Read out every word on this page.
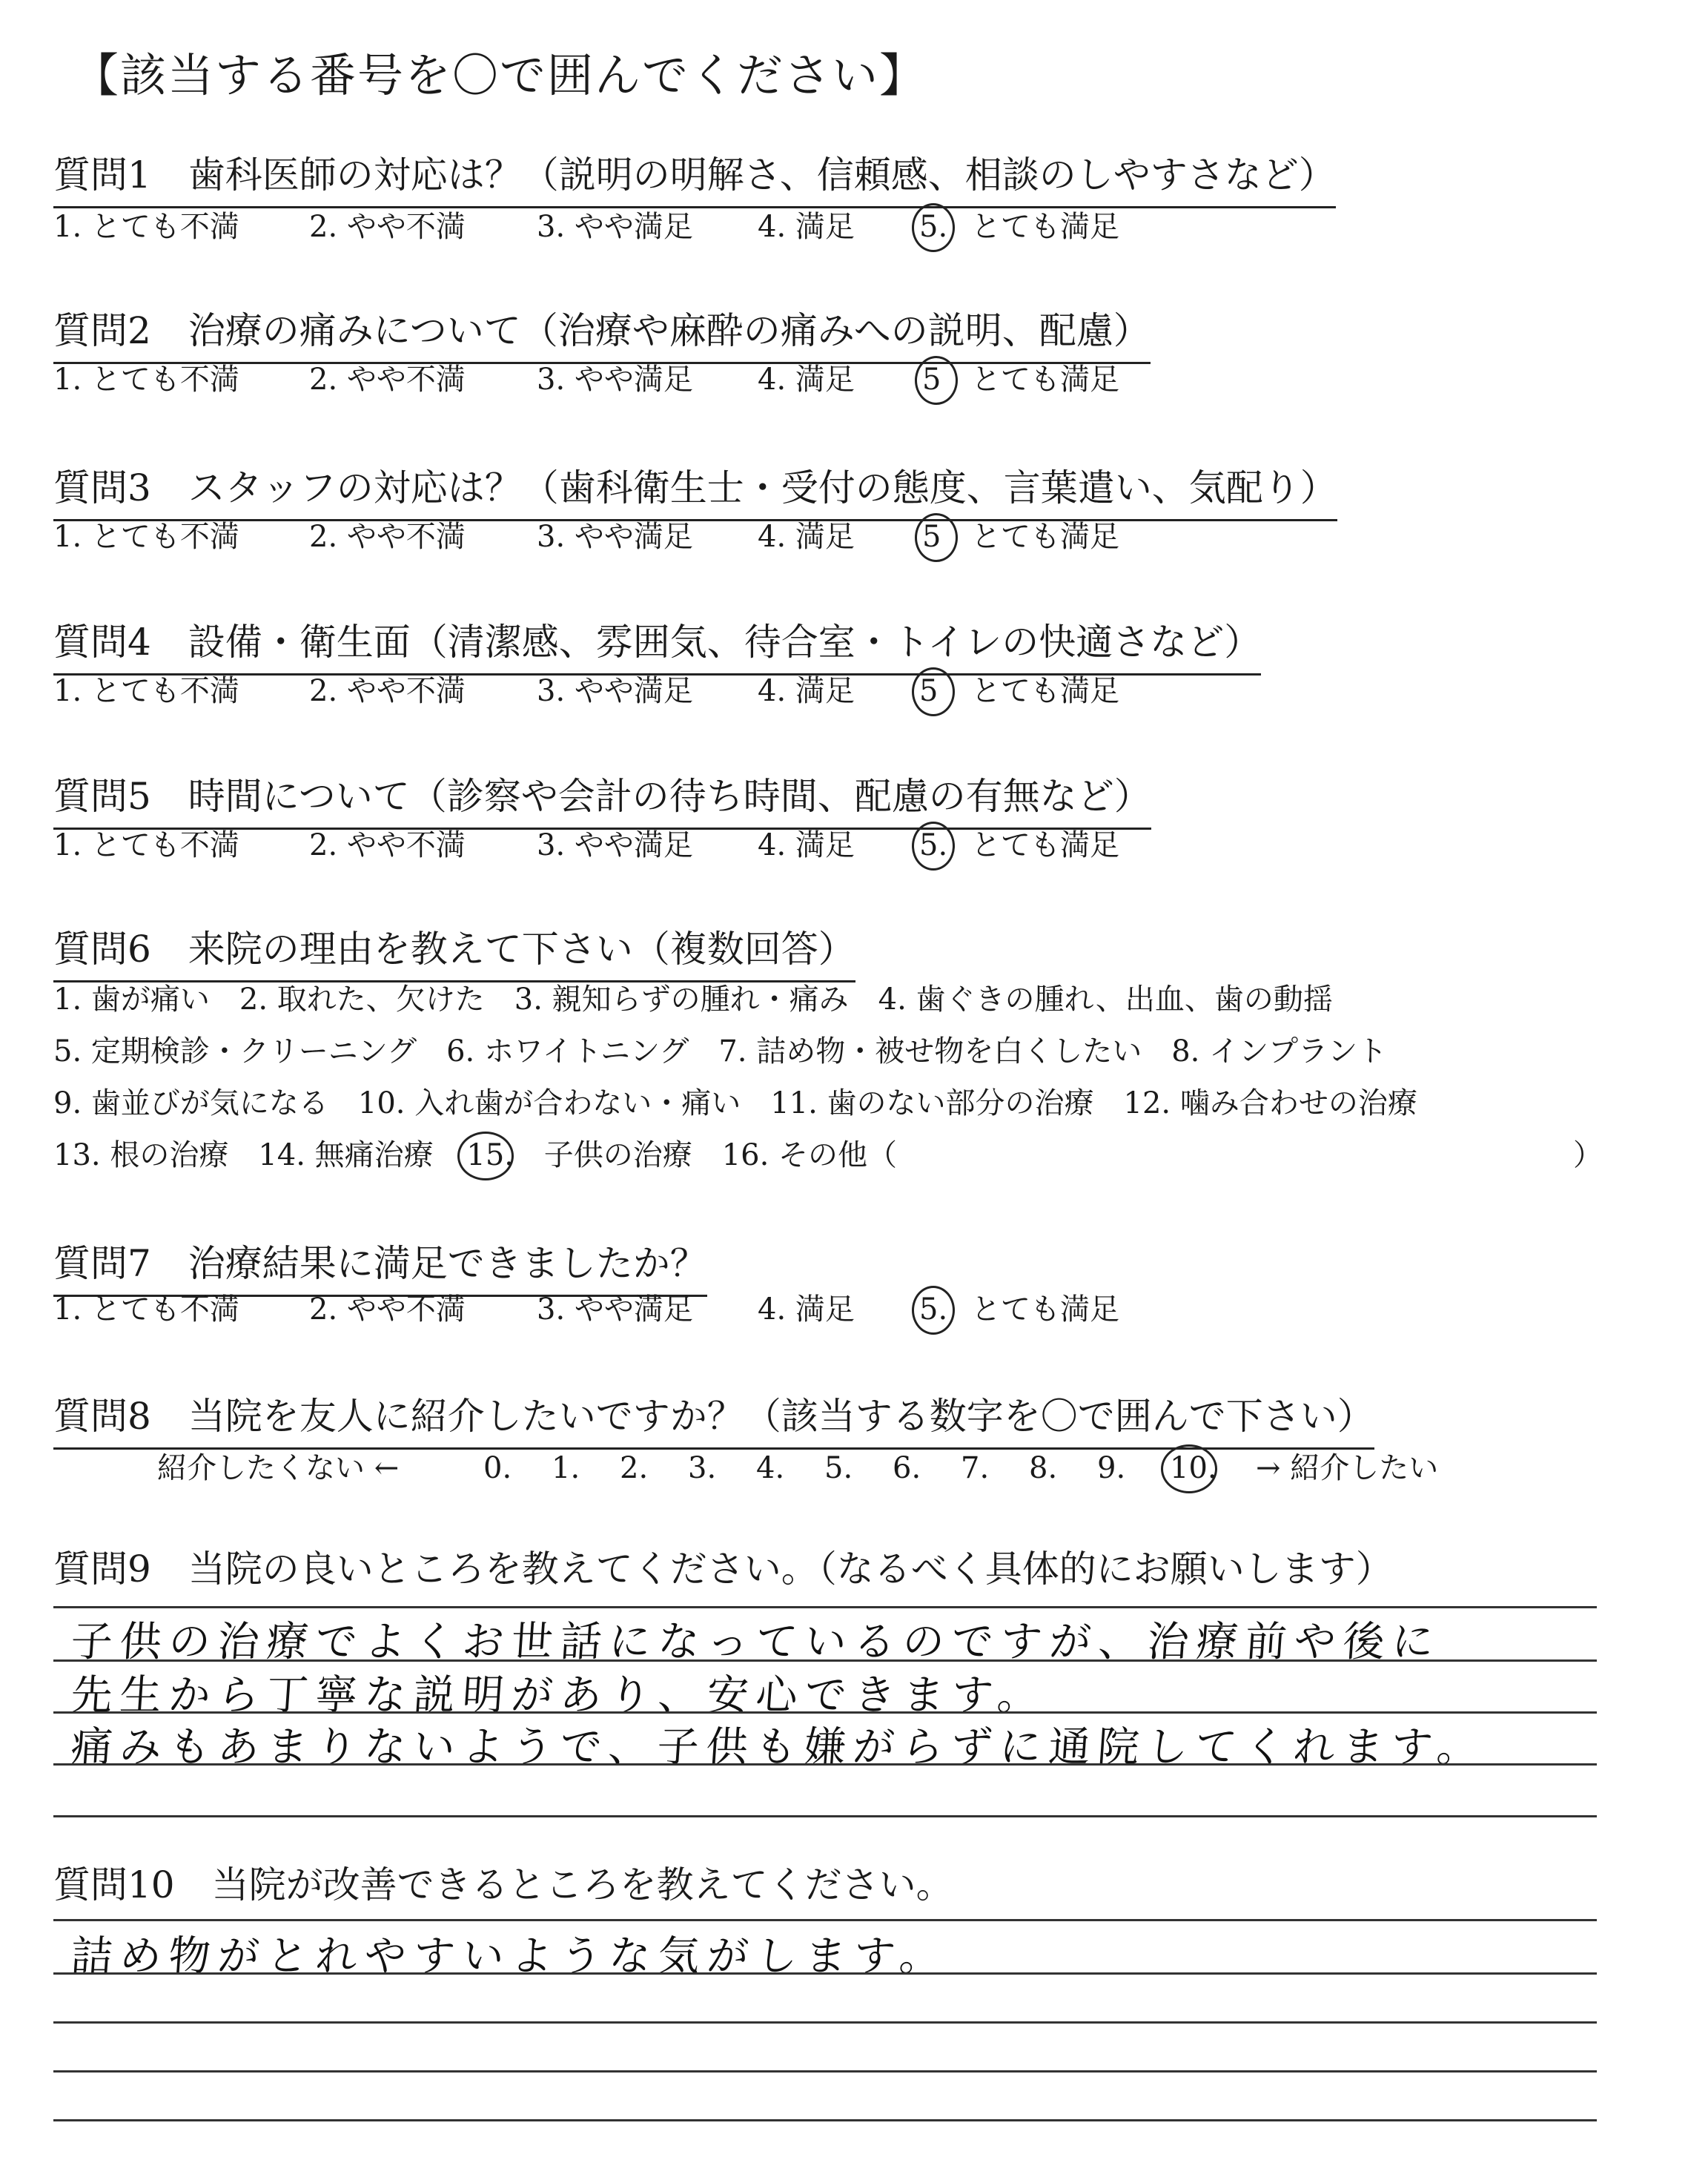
【該当する番号を〇で囲んでください】
質問1　歯科医師の対応は？（説明の明解さ、信頼感、相談のしやすさなど）
1. とても不満 2. やや不満 3. やや満足 4. 満足 5. とても満足
質問2　治療の痛みについて（治療や麻酔の痛みへの説明、配慮）
1. とても不満 2. やや不満 3. やや満足 4. 満足 5 とても満足
質問3　スタッフの対応は？（歯科衛生士・受付の態度、言葉遣い、気配り）
1. とても不満 2. やや不満 3. やや満足 4. 満足 5 とても満足
質問4　設備・衛生面（清潔感、雰囲気、待合室・トイレの快適さなど）
1. とても不満 2. やや不満 3. やや満足 4. 満足 5 とても満足
質問5　時間について（診察や会計の待ち時間、配慮の有無など）
1. とても不満 2. やや不満 3. やや満足 4. 満足 5. とても満足
質問6　来院の理由を教えて下さい（複数回答）
1. 歯が痛い　2. 取れた、欠けた　3. 親知らずの腫れ・痛み　4. 歯ぐきの腫れ、出血、歯の動揺
5. 定期検診・クリーニング　6. ホワイトニング　7. 詰め物・被せ物を白くしたい　8. インプラント
9. 歯並びが気になる　10. 入れ歯が合わない・痛い　11. 歯のない部分の治療　12. 噛み合わせの治療
13. 根の治療　14. 無痛治療 15. 子供の治療　16. その他（	）
質問7　治療結果に満足できましたか？
1. とても不満 2. やや不満 3. やや満足 4. 満足 5. とても満足
質問8　当院を友人に紹介したいですか？（該当する数字を〇で囲んで下さい）
紹介したくない ←	0. 1. 2. 3. 4. 5. 6. 7. 8. 9. 10. → 紹介したい
質問9　当院の良いところを教えてください。（なるべく具体的にお願いします）
子供の治療でよくお世話になっているのですが、治療前や後に
先生から丁寧な説明があり、安心できます。
痛みもあまりないようで、子供も嫌がらずに通院してくれます。
質問10　当院が改善できるところを教えてください。
詰め物がとれやすいような気がします。
